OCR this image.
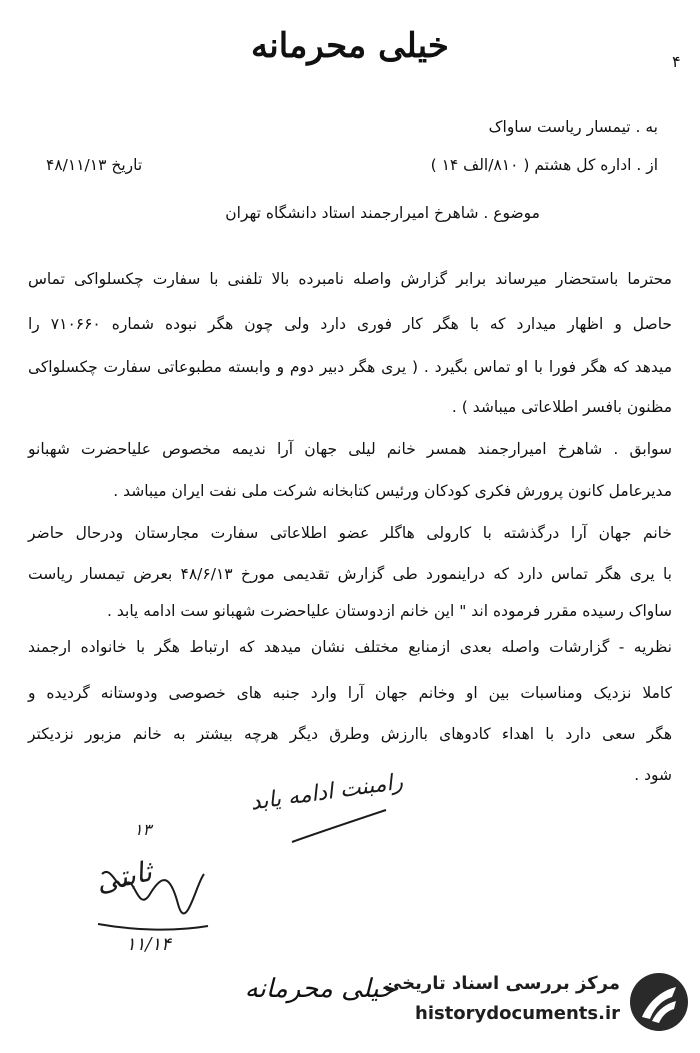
خیلی محرمانه	۴
به . تیمسار ریاست ساواک
از . اداره کل هشتم ( ۸۱۰/الف ۱۴ )
تاریخ ۴۸/۱۱/۱۳
موضوع . شاهرخ امیرارجمند استاد دانشگاه تهران
محترما باستحضار میرساند برابر گزارش واصله نامبرده بالا تلفنی با سفارت چکسلواکی تماس
حاصل و اظهار میدارد که با هگر کار فوری دارد ولی چون هگر نبوده شماره ۷۱۰۶۶۰ را
میدهد که هگر فورا با او تماس بگیرد . ( یری هگر دبیر دوم و وابسته مطبوعاتی سفارت چکسلواکی
مظنون بافسر اطلاعاتی میباشد ) .
سوابق . شاهرخ امیرارجمند همسر خانم لیلی جهان آرا ندیمه مخصوص علیاحضرت شهبانو
مدیرعامل کانون پرورش فکری کودکان ورئیس کتابخانه شرکت ملی نفت ایران میباشد .
خانم جهان آرا درگذشته با کارولی هاگلر عضو اطلاعاتی سفارت مجارستان ودرحال حاضر
با یری هگر تماس دارد که دراینمورد طی گزارش تقدیمی مورخ ۴۸/۶/۱۳ بعرض تیمسار ریاست
ساواک رسیده مقرر فرموده اند " این خانم ازدوستان علیاحضرت شهبانو ست ادامه یابد .
نظریه - گزارشات واصله بعدی ازمنابع مختلف نشان میدهد که ارتباط هگر با خانواده ارجمند
کاملا نزدیک ومناسبات بین او وخانم جهان آرا وارد جنبه های خصوصی ودوستانه گردیده و
هگر سعی دارد با اهداء کادوهای باارزش وطرق دیگر هرچه بیشتر به خانم مزبور نزدیکتر
شود .
رامبنت ادامه یابد
۱۳
ثابتی
۱۱/۱۴
خیلی محرمانه
مرکز بررسی اسناد تاریخی
historydocuments.ir
